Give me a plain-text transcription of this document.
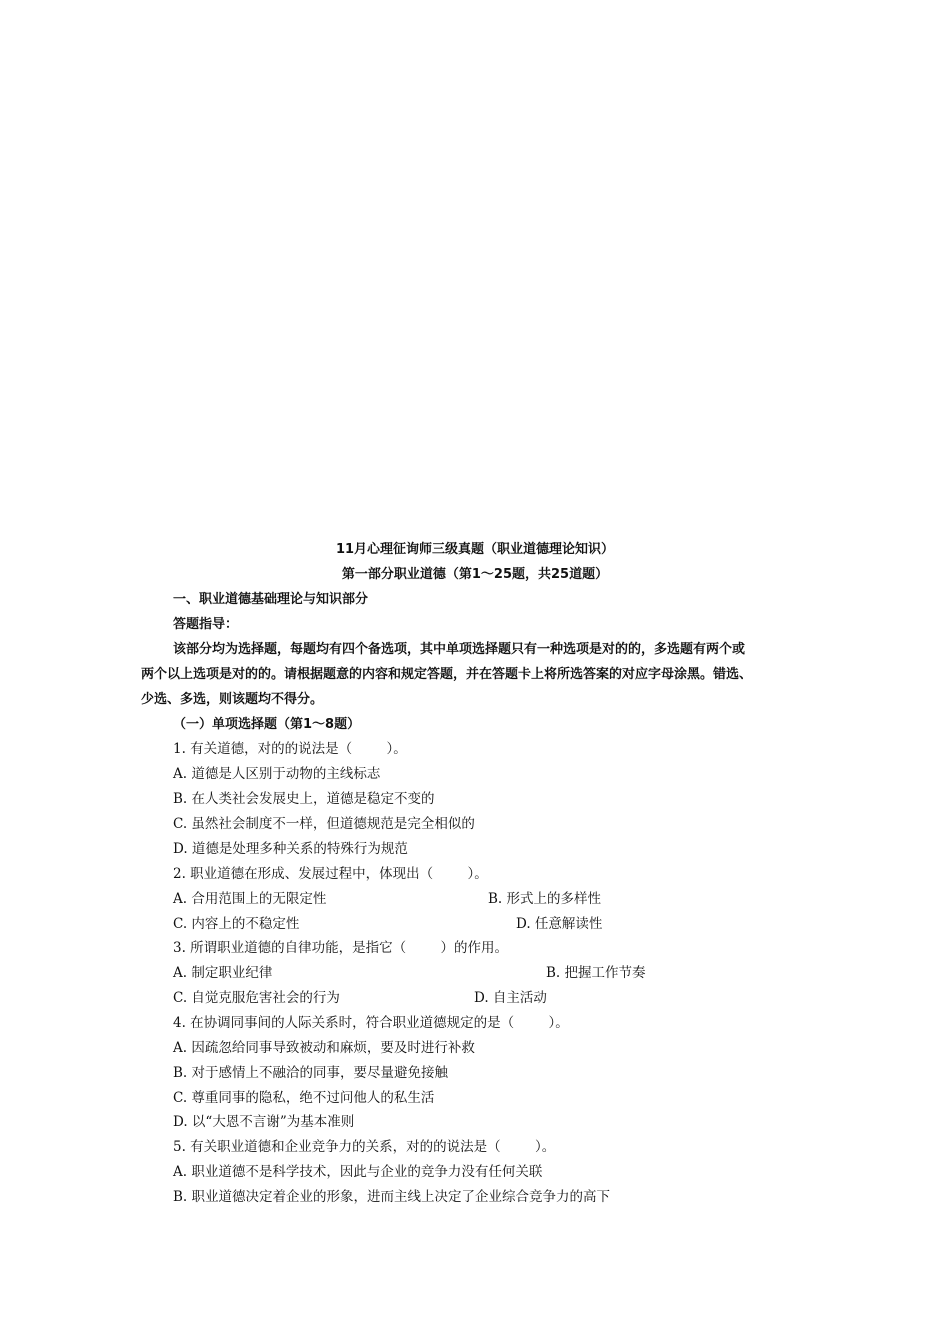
11月心理征询师三级真题（职业道德理论知识）
第一部分职业道德（第1～25题，共25道题）
一、职业道德基础理论与知识部分
答题指导：
该部分均为选择题，每题均有四个备选项，其中单项选择题只有一种选项是对的的，多选题有两个或
两个以上选项是对的的。请根据题意的内容和规定答题，并在答题卡上将所选答案的对应字母涂黑。错选、
少选、多选，则该题均不得分。
（一）单项选择题（第1～8题）
1. 有关道德，对的的说法是（        ）。
A. 道德是人区别于动物的主线标志
B. 在人类社会发展史上，道德是稳定不变的
C. 虽然社会制度不一样，但道德规范是完全相似的
D. 道德是处理多种关系的特殊行为规范
2. 职业道德在形成、发展过程中，体现出（        ）。
A. 合用范围上的无限定性	B. 形式上的多样性
C. 内容上的不稳定性	D. 任意解读性
3. 所谓职业道德的自律功能，是指它（        ）的作用。
A. 制定职业纪律	B. 把握工作节奏
C. 自觉克服危害社会的行为	D. 自主活动
4. 在协调同事间的人际关系时，符合职业道德规定的是（        ）。
A. 因疏忽给同事导致被动和麻烦，要及时进行补救
B. 对于感情上不融洽的同事，要尽量避免接触
C. 尊重同事的隐私，绝不过问他人的私生活
D. 以“大恩不言谢”为基本准则
5. 有关职业道德和企业竞争力的关系，对的的说法是（        ）。
A. 职业道德不是科学技术，因此与企业的竞争力没有任何关联
B. 职业道德决定着企业的形象，进而主线上决定了企业综合竞争力的高下
